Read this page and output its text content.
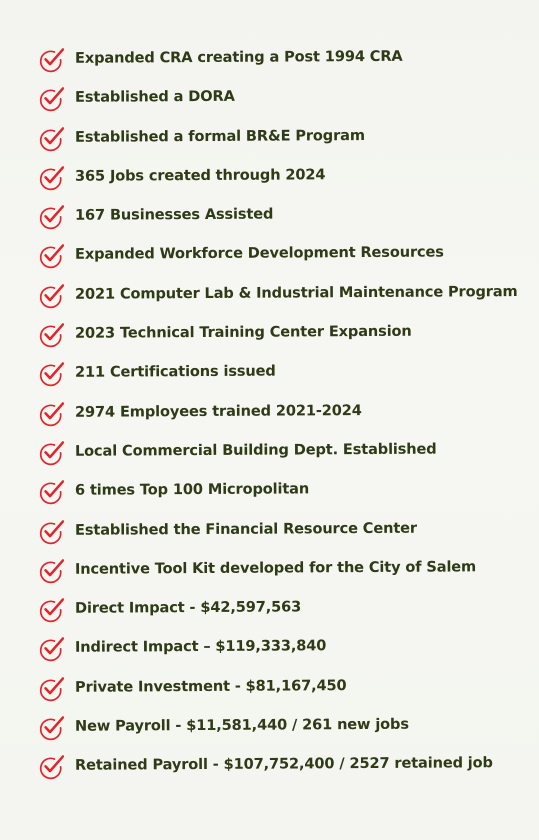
Expanded CRA creating a Post 1994 CRA
Established a DORA
Established a formal BR&E Program
365 Jobs created through 2024
167 Businesses Assisted
Expanded Workforce Development Resources
2021 Computer Lab & Industrial Maintenance Program
2023 Technical Training Center Expansion
211 Certifications issued
2974 Employees trained 2021-2024
Local Commercial Building Dept. Established
6 times Top 100 Micropolitan
Established the Financial Resource Center
Incentive Tool Kit developed for the City of Salem
Direct Impact - $42,597,563
Indirect Impact – $119,333,840
Private Investment - $81,167,450
New Payroll - $11,581,440 / 261 new jobs
Retained Payroll - $107,752,400 / 2527 retained job
